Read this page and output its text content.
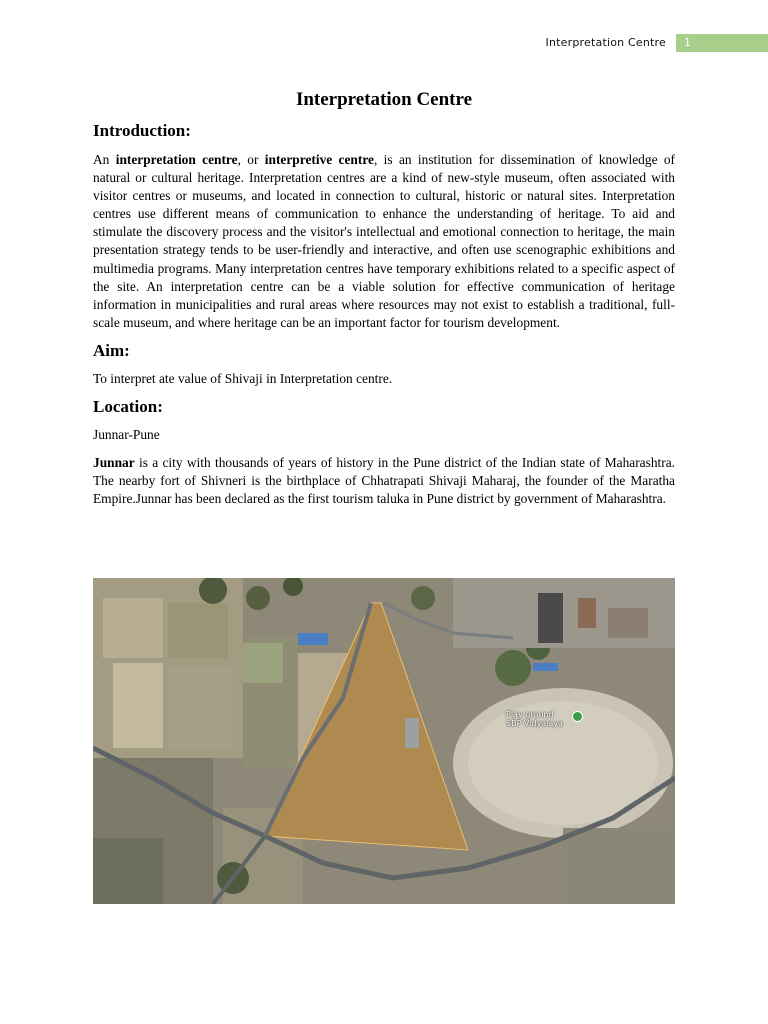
Interpretation Centre 1
Interpretation Centre
Introduction:

An interpretation centre, or interpretive centre, is an institution for dissemination of knowledge of natural or cultural heritage. Interpretation centres are a kind of new-style museum, often associated with visitor centres or museums, and located in connection to cultural, historic or natural sites. Interpretation centres use different means of communication to enhance the understanding of heritage. To aid and stimulate the discovery process and the visitor's intellectual and emotional connection to heritage, the main presentation strategy tends to be user-friendly and interactive, and often use scenographic exhibitions and multimedia programs. Many interpretation centres have temporary exhibitions related to a specific aspect of the site. An interpretation centre can be a viable solution for effective communication of heritage information in municipalities and rural areas where resources may not exist to establish a traditional, full-scale museum, and where heritage can be an important factor for tourism development.

Aim:

To interpret ate value of Shivaji in Interpretation centre.

Location:

Junnar-Pune

Junnar is a city with thousands of years of history in the Pune district of the Indian state of Maharashtra. The nearby fort of Shivneri is the birthplace of Chhatrapati Shivaji Maharaj, the founder of the Maratha Empire.Junnar has been declared as the first tourism taluka in Pune district by government of Maharashtra.

Play ground
SBP Vidyalaya
